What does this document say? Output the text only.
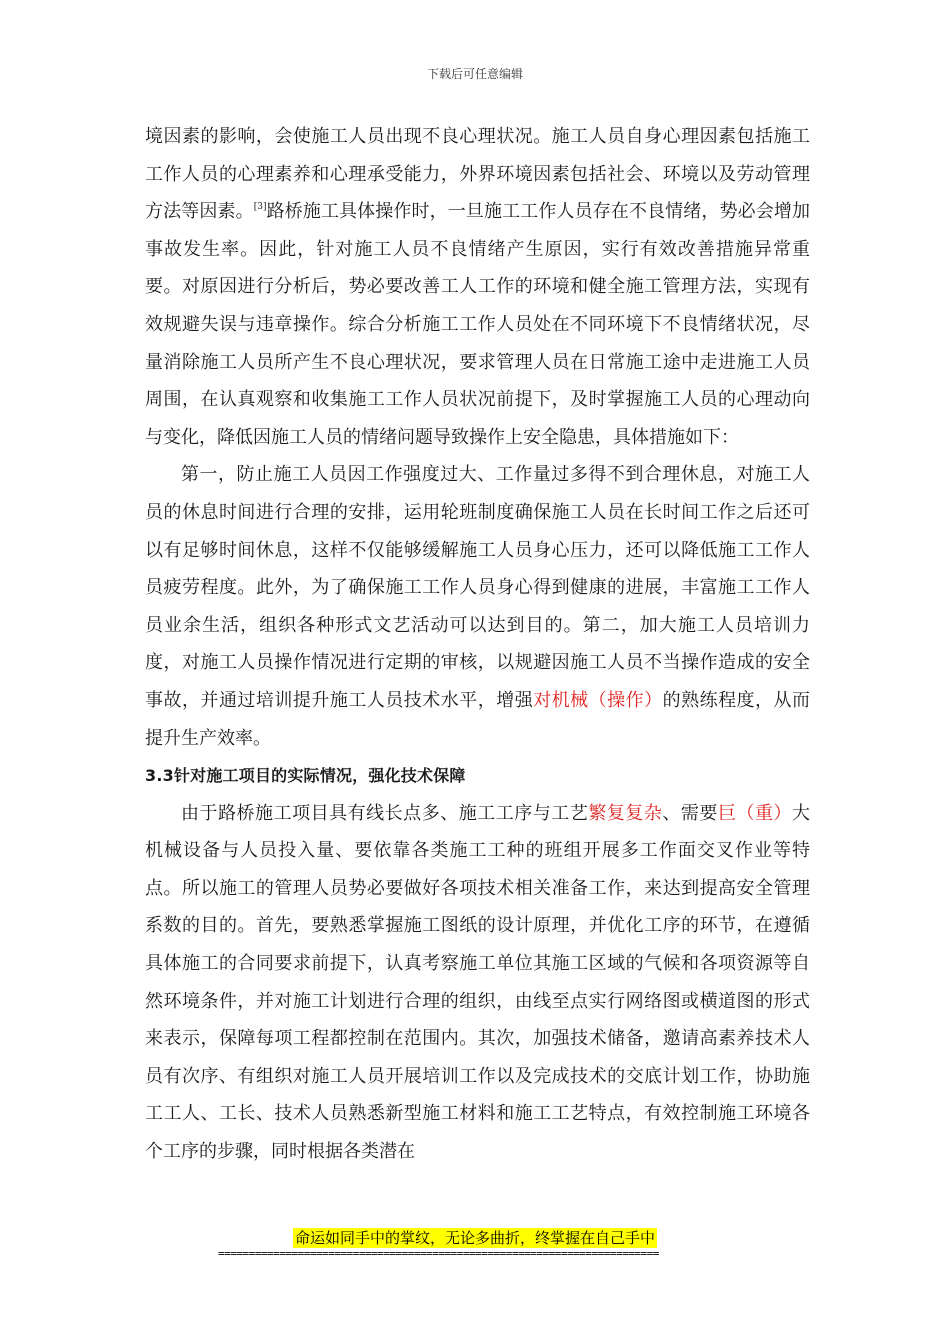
下载后可任意编辑

境因素的影响，会使施工人员出现不良心理状况。施工人员自身心理因素包括施工工作人员的心理素养和心理承受能力，外界环境因素包括社会、环境以及劳动管理方法等因素。[3]路桥施工具体操作时，一旦施工工作人员存在不良情绪，势必会增加事故发生率。因此，针对施工人员不良情绪产生原因，实行有效改善措施异常重要。对原因进行分析后，势必要改善工人工作的环境和健全施工管理方法，实现有效规避失误与违章操作。综合分析施工工作人员处在不同环境下不良情绪状况，尽量消除施工人员所产生不良心理状况，要求管理人员在日常施工途中走进施工人员周围，在认真观察和收集施工工作人员状况前提下，及时掌握施工人员的心理动向与变化，降低因施工人员的情绪问题导致操作上安全隐患，具体措施如下：

第一，防止施工人员因工作强度过大、工作量过多得不到合理休息，对施工人员的休息时间进行合理的安排，运用轮班制度确保施工人员在长时间工作之后还可以有足够时间休息，这样不仅能够缓解施工人员身心压力，还可以降低施工工作人员疲劳程度。此外，为了确保施工工作人员身心得到健康的进展，丰富施工工作人员业余生活，组织各种形式文艺活动可以达到目的。第二，加大施工人员培训力度，对施工人员操作情况进行定期的审核，以规避因施工人员不当操作造成的安全事故，并通过培训提升施工人员技术水平，增强对机械（操作）的熟练程度，从而提升生产效率。

3.3针对施工项目的实际情况，强化技术保障

由于路桥施工项目具有线长点多、施工工序与工艺繁复复杂、需要巨（重）大机械设备与人员投入量、要依靠各类施工工种的班组开展多工作面交叉作业等特点。所以施工的管理人员势必要做好各项技术相关准备工作，来达到提高安全管理系数的目的。首先，要熟悉掌握施工图纸的设计原理，并优化工序的环节，在遵循具体施工的合同要求前提下，认真考察施工单位其施工区域的气候和各项资源等自然环境条件，并对施工计划进行合理的组织，由线至点实行网络图或横道图的形式来表示，保障每项工程都控制在范围内。其次，加强技术储备，邀请高素养技术人员有次序、有组织对施工人员开展培训工作以及完成技术的交底计划工作，协助施工工人、工长、技术人员熟悉新型施工材料和施工工艺特点，有效控制施工环境各个工序的步骤，同时根据各类潜在

命运如同手中的掌纹，无论多曲折，终掌握在自己手中
========================================================================
